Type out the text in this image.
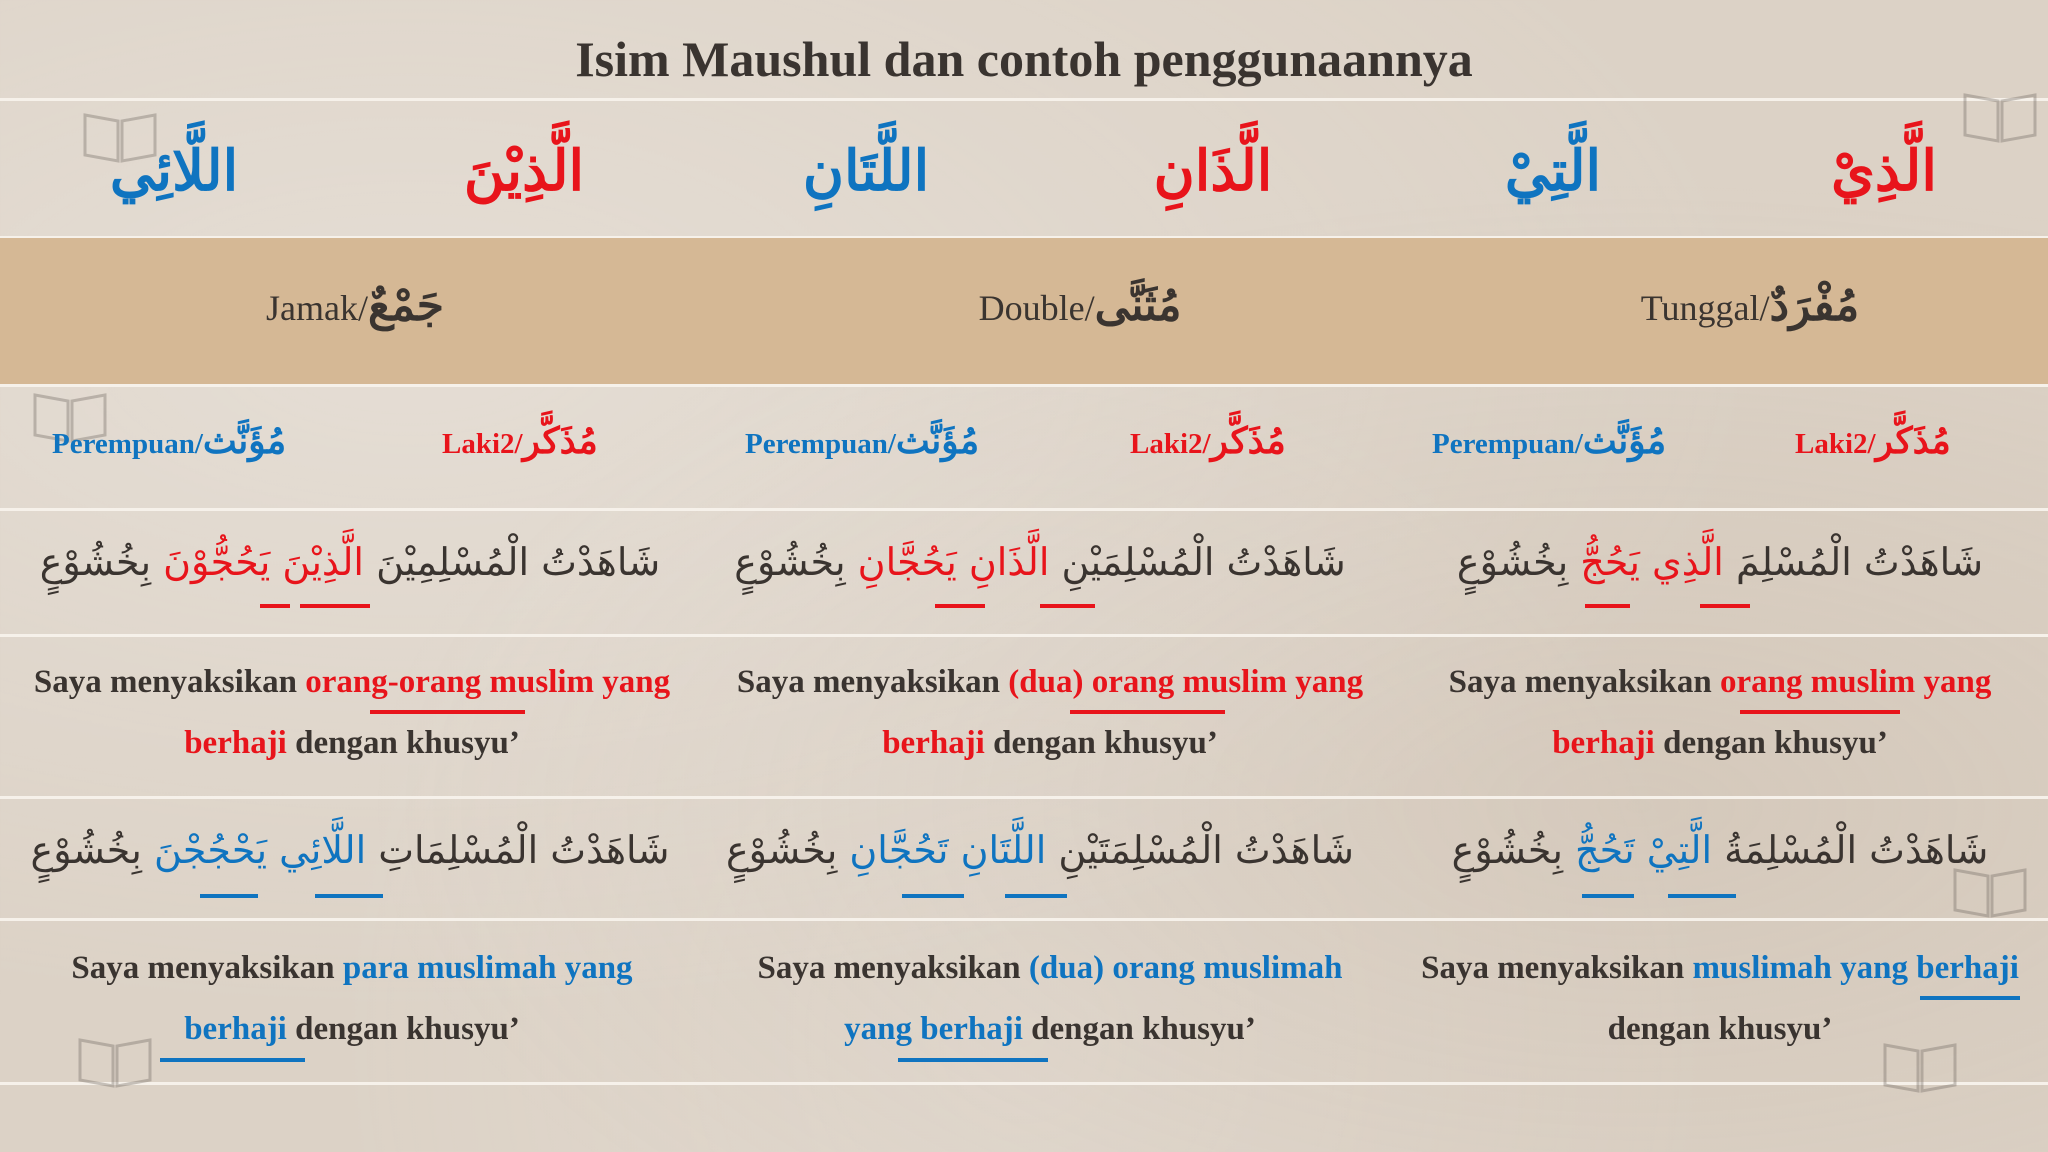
Isim Maushul dan contoh penggunaannya
الَّذِيْ
الَّتِيْ
الَّذَانِ
اللَّتَانِ
الَّذِيْنَ
اللَّائِي
Tunggal/مُفْرَدٌ
Double/مُثَنَّى
Jamak/جَمْعٌ
Laki2/مُذَكَّر
Perempuan/مُؤَنَّث
Laki2/مُذَكَّر
Perempuan/مُؤَنَّث
Laki2/مُذَكَّر
Perempuan/مُؤَنَّث
شَاهَدْتُ الْمُسْلِمَ الَّذِي يَحُجُّ بِخُشُوْعٍ
شَاهَدْتُ الْمُسْلِمَيْنِ الَّذَانِ يَحُجَّانِ بِخُشُوْعٍ
شَاهَدْتُ الْمُسْلِمِيْنَ الَّذِيْنَ يَحُجُّوْنَ بِخُشُوْعٍ
Saya menyaksikan orang muslim yang
berhaji dengan khusyu’
Saya menyaksikan (dua) orang muslim yang
berhaji dengan khusyu’
Saya menyaksikan orang-orang muslim yang
berhaji dengan khusyu’
شَاهَدْتُ الْمُسْلِمَةُ الَّتِيْ تَحُجُّ بِخُشُوْعٍ
شَاهَدْتُ الْمُسْلِمَتَيْنِ اللَّتَانِ تَحُجَّانِ بِخُشُوْعٍ
شَاهَدْتُ الْمُسْلِمَاتِ اللَّائِي يَحْجُجْنَ بِخُشُوْعٍ
Saya menyaksikan muslimah yang berhaji
dengan khusyu’
Saya menyaksikan (dua) orang muslimah
yang berhaji dengan khusyu’
Saya menyaksikan para muslimah yang
berhaji dengan khusyu’
